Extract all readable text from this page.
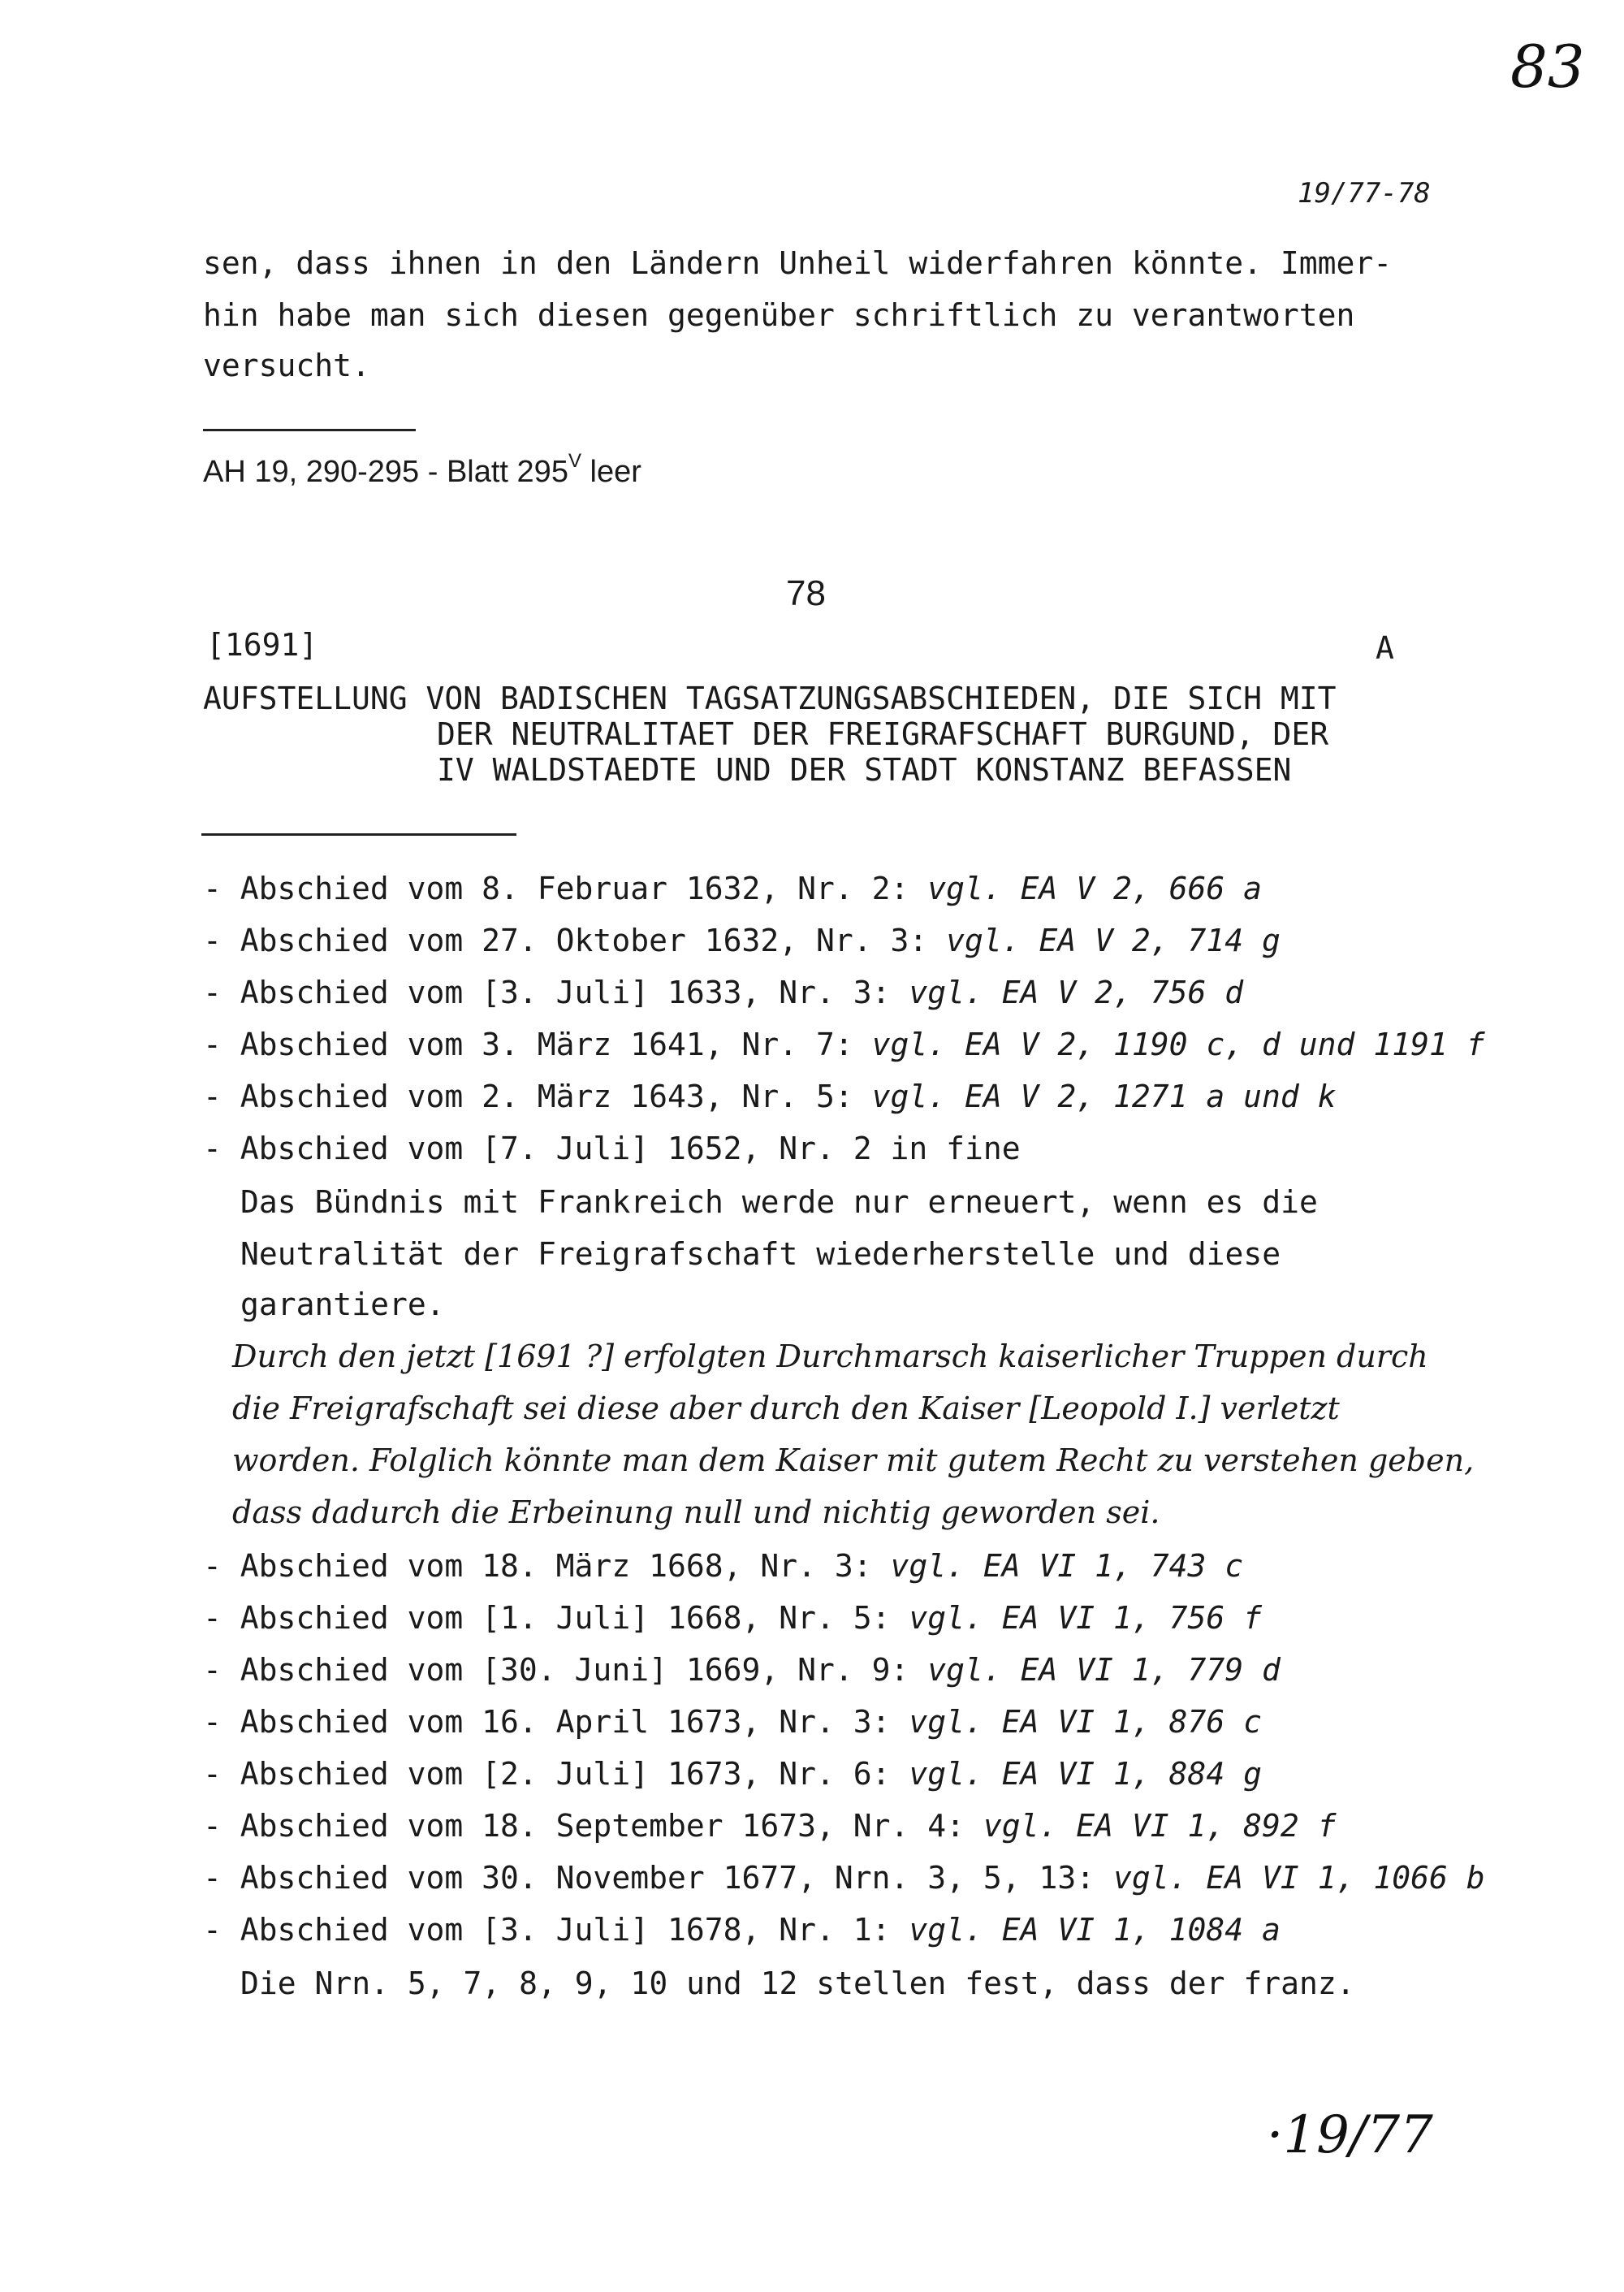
83
19/77-78
sen, dass ihnen in den Ländern Unheil widerfahren könnte. Immer-
hin habe man sich diesen gegenüber schriftlich zu verantworten
versucht.
AH 19, 290-295 - Blatt $295^V$ leer
78
[1691]	A
AUFSTELLUNG VON BADISCHEN TAGSATZUNGSABSCHIEDEN, DIE SICH MIT
DER NEUTRALITAET DER FREIGRAFSCHAFT BURGUND, DER
IV WALDSTAEDTE UND DER STADT KONSTANZ BEFASSEN
- Abschied vom 8. Februar 1632, Nr. 2: vgl. EA V 2, 666 a
- Abschied vom 27. Oktober 1632, Nr. 3: vgl. EA V 2, 714 g
- Abschied vom [3. Juli] 1633, Nr. 3: vgl. EA V 2, 756 d
- Abschied vom 3. März 1641, Nr. 7: vgl. EA V 2, 1190 c, d und 1191 f
- Abschied vom 2. März 1643, Nr. 5: vgl. EA V 2, 1271 a und k
- Abschied vom [7. Juli] 1652, Nr. 2 in fine
Das Bündnis mit Frankreich werde nur erneuert, wenn es die
Neutralität der Freigrafschaft wiederherstelle und diese
garantiere.
Durch den jetzt [1691 ?] erfolgten Durchmarsch kaiserlicher Truppen durch
die Freigrafschaft sei diese aber durch den Kaiser [Leopold I.] verletzt
worden. Folglich könnte man dem Kaiser mit gutem Recht zu verstehen geben,
dass dadurch die Erbeinung null und nichtig geworden sei.
- Abschied vom 18. März 1668, Nr. 3: vgl. EA VI 1, 743 c
- Abschied vom [1. Juli] 1668, Nr. 5: vgl. EA VI 1, 756 f
- Abschied vom [30. Juni] 1669, Nr. 9: vgl. EA VI 1, 779 d
- Abschied vom 16. April 1673, Nr. 3: vgl. EA VI 1, 876 c
- Abschied vom [2. Juli] 1673, Nr. 6: vgl. EA VI 1, 884 g
- Abschied vom 18. September 1673, Nr. 4: vgl. EA VI 1, 892 f
- Abschied vom 30. November 1677, Nrn. 3, 5, 13: vgl. EA VI 1, 1066 b
- Abschied vom [3. Juli] 1678, Nr. 1: vgl. EA VI 1, 1084 a
Die Nrn. 5, 7, 8, 9, 10 und 12 stellen fest, dass der franz.
·19/77
